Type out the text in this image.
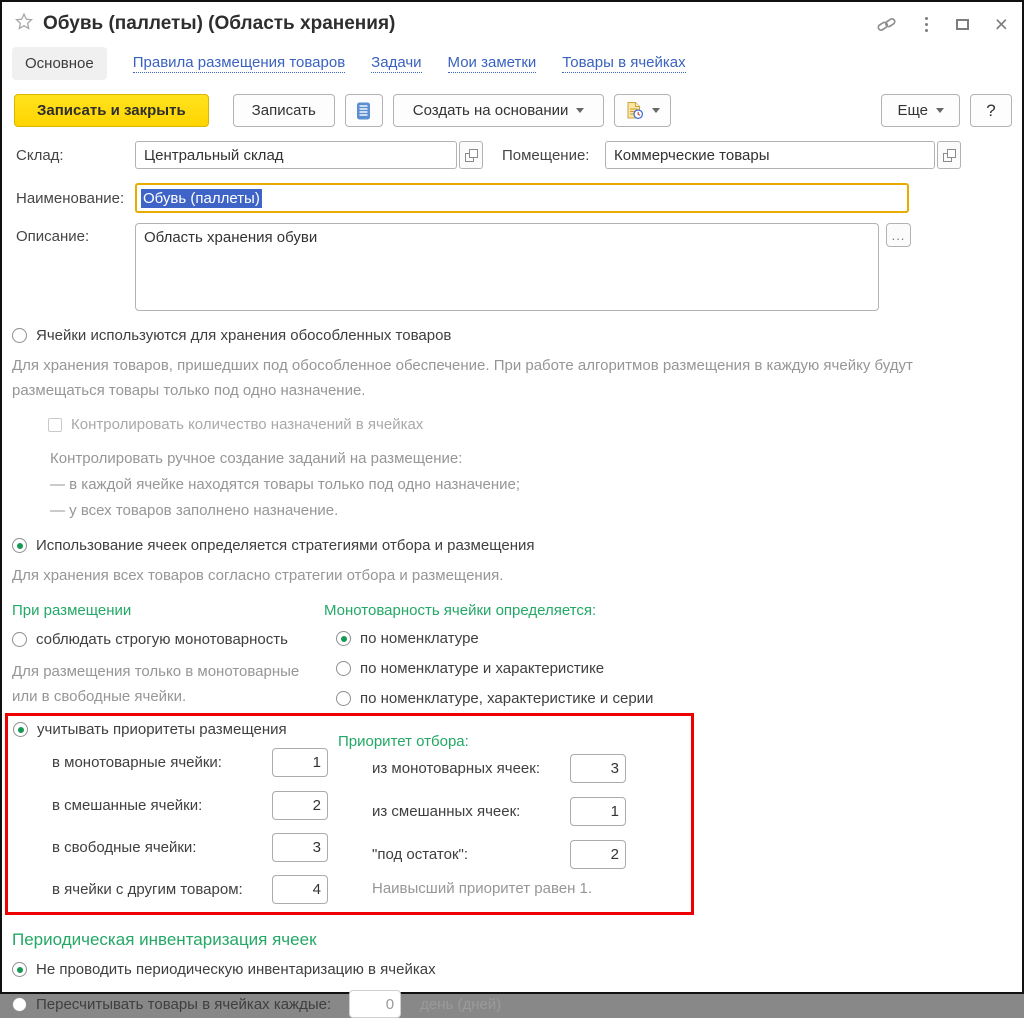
Обувь (паллеты) (Область хранения)	×
Основное	Правила размещения товаров Задачи Мои заметки Товары в ячейках
Записать и закрыть	Записать	Создать на основании	Еще	?
Склад:
Центральный склад	Помещение:
Коммерческие товары
Наименование:	Обувь (паллеты)
Описание:
Область хранения обуви	...
Ячейки используются для хранения обособленных товаров
Для хранения товаров, пришедших под обособленное обеспечение. При работе алгоритмов размещения в каждую ячейку будут размещаться товары только под одно назначение.
Контролировать количество назначений в ячейках
Контролировать ручное создание заданий на размещение:
— в каждой ячейке находятся товары только под одно назначение;
— у всех товаров заполнено назначение.
Использование ячеек определяется стратегиями отбора и размещения
Для хранения всех товаров согласно стратегии отбора и размещения.
При размещении
соблюдать строгую монотоварность
Для размещения только в монотоварные или в свободные ячейки.
Монотоварность ячейки определяется:
по номенклатуре
по номенклатуре и характеристике
по номенклатуре, характеристике и серии
учитывать приоритеты размещения
Приоритет отбора:
в монотоварные ячейки:
1
в смешанные ячейки:
2
в свободные ячейки:
3
в ячейки с другим товаром:
4
из монотоварных ячеек:
3
из смешанных ячеек:
1
"под остаток":
2
Наивысший приоритет равен 1.
Периодическая инвентаризация ячеек
Не проводить периодическую инвентаризацию в ячейках
Пересчитывать товары в ячейках каждые:
0	день (дней)
